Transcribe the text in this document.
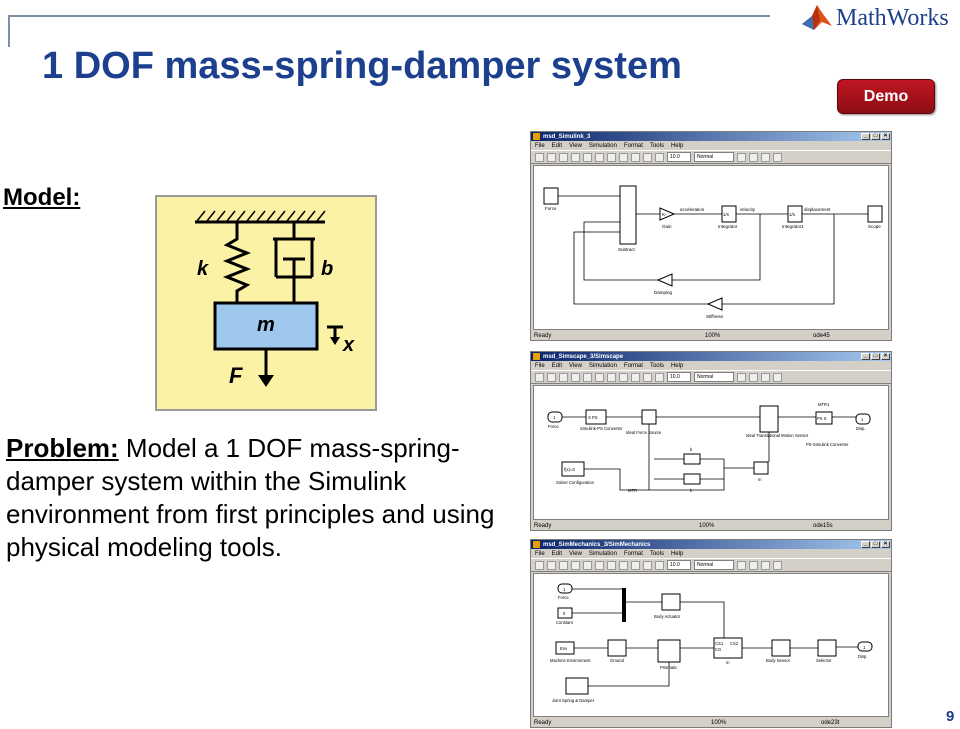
1 DOF mass-spring-damper system
MathWorks
Demo
Model:
k	b
m
x
F
Problem: Model a 1 DOF mass-spring-damper system within the Simulink environment from first principles and using physical modeling tools.
msd_Simulink_3	_	□	×
File Edit View Simulation Format Tools Help
10.0	Normal
Force
Subtract
K-
Gain
acceleration
1/s
Integrator
velocity
1/s
Integrator1
displacement
Scope
Damping
Stiffness
Ready	100%	ode45
msd_Simscape_3/Simscape	_	□	×
File Edit View Simulation Format Tools Help
10.0	Normal
1
Force
S PS
Simulink-PS Converter
Ideal Force Source
Ideal Translational Motion Sensor
MTR1
PS S
PS-Simulink Converter
1
Disp.
f(x)=0
Solver Configuration
MTR
b
k
m
Ready	100%	ode15s
msd_SimMechanics_3/SimMechanics	_	□	×
File Edit View Simulation Format Tools Help
10.0	Normal
1
Force
0
Constant
Body Actuator
Env
Machine Environment	Ground
Prismatic
CS1
CG
CS2
m	Body Sensor	Selector
1
Disp.
Joint Spring & Damper
Ready	100%	ode23t	9
